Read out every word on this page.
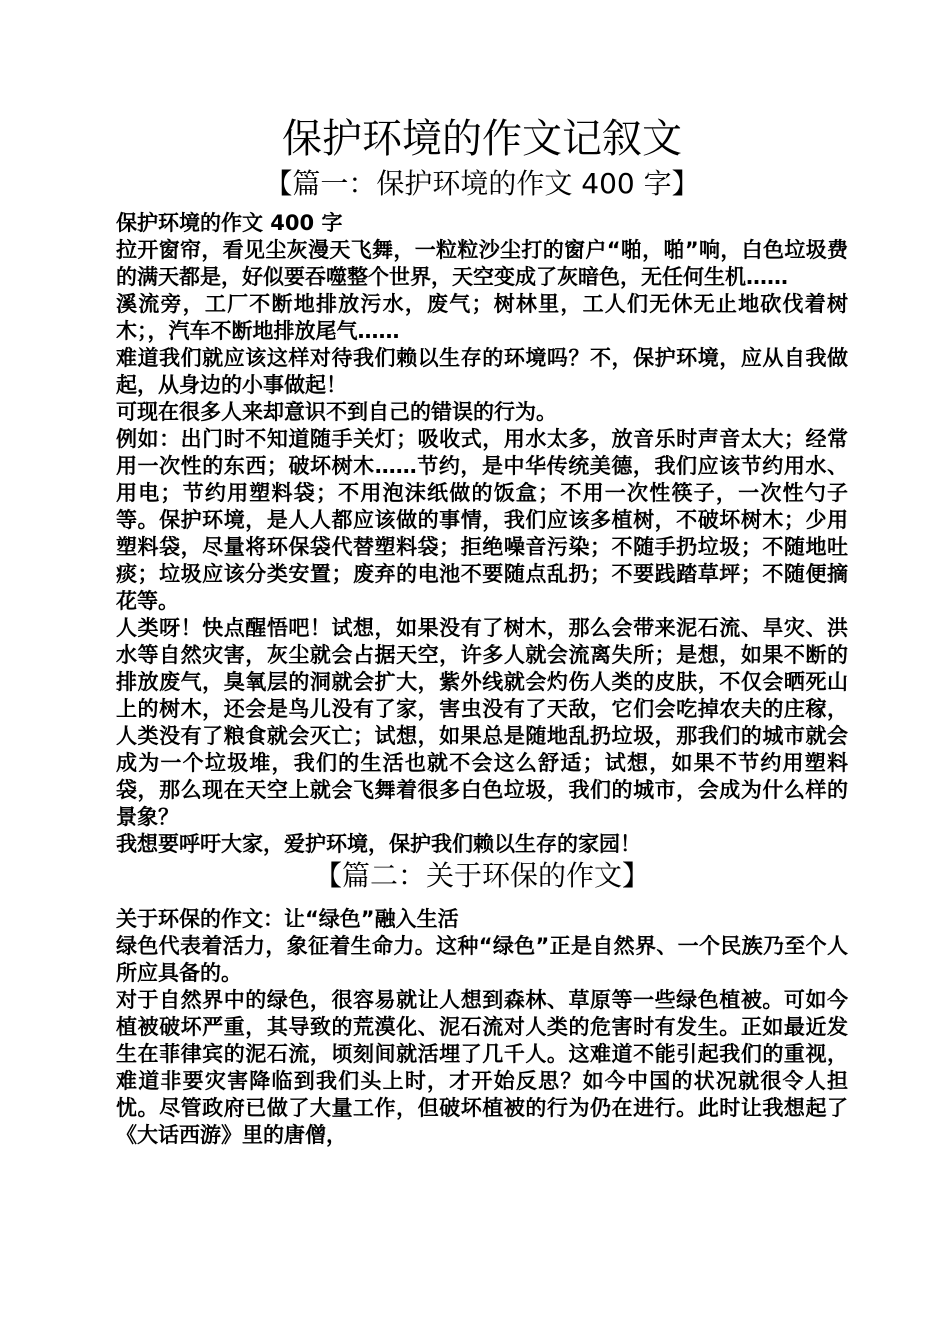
保护环境的作文记叙文
【篇一：保护环境的作文 400 字】

保护环境的作文 400 字

拉开窗帘，看见尘灰漫天飞舞，一粒粒沙尘打的窗户“啪，啪”响，白色垃圾费的满天都是，好似要吞噬整个世界，天空变成了灰暗色，无任何生机……

溪流旁，工厂不断地排放污水，废气；树林里，工人们无休无止地砍伐着树木；，汽车不断地排放尾气……

难道我们就应该这样对待我们赖以生存的环境吗？不，保护环境，应从自我做起，从身边的小事做起！

可现在很多人来却意识不到自己的错误的行为。

例如：出门时不知道随手关灯；吸收式，用水太多，放音乐时声音太大；经常用一次性的东西；破坏树木……节约，是中华传统美德，我们应该节约用水、用电；节约用塑料袋；不用泡沫纸做的饭盒；不用一次性筷子，一次性勺子等。保护环境，是人人都应该做的事情，我们应该多植树，不破坏树木；少用塑料袋，尽量将环保袋代替塑料袋；拒绝噪音污染；不随手扔垃圾；不随地吐痰；垃圾应该分类安置；废弃的电池不要随点乱扔；不要践踏草坪；不随便摘花等。

人类呀！快点醒悟吧！试想，如果没有了树木，那么会带来泥石流、旱灾、洪水等自然灾害，灰尘就会占据天空，许多人就会流离失所；是想，如果不断的排放废气，臭氧层的洞就会扩大，紫外线就会灼伤人类的皮肤，不仅会晒死山上的树木，还会是鸟儿没有了家，害虫没有了天敌，它们会吃掉农夫的庄稼，人类没有了粮食就会灭亡；试想，如果总是随地乱扔垃圾，那我们的城市就会成为一个垃圾堆，我们的生活也就不会这么舒适；试想，如果不节约用塑料袋，那么现在天空上就会飞舞着很多白色垃圾，我们的城市，会成为什么样的景象？

我想要呼吁大家，爱护环境，保护我们赖以生存的家园！

【篇二：关于环保的作文】

关于环保的作文：让“绿色”融入生活

绿色代表着活力，象征着生命力。这种“绿色”正是自然界、一个民族乃至个人所应具备的。

对于自然界中的绿色，很容易就让人想到森林、草原等一些绿色植被。可如今植被破坏严重，其导致的荒漠化、泥石流对人类的危害时有发生。正如最近发生在菲律宾的泥石流，顷刻间就活埋了几千人。这难道不能引起我们的重视，难道非要灾害降临到我们头上时，才开始反思？如今中国的状况就很令人担忧。尽管政府已做了大量工作，但破坏植被的行为仍在进行。此时让我想起了《大话西游》里的唐僧，
